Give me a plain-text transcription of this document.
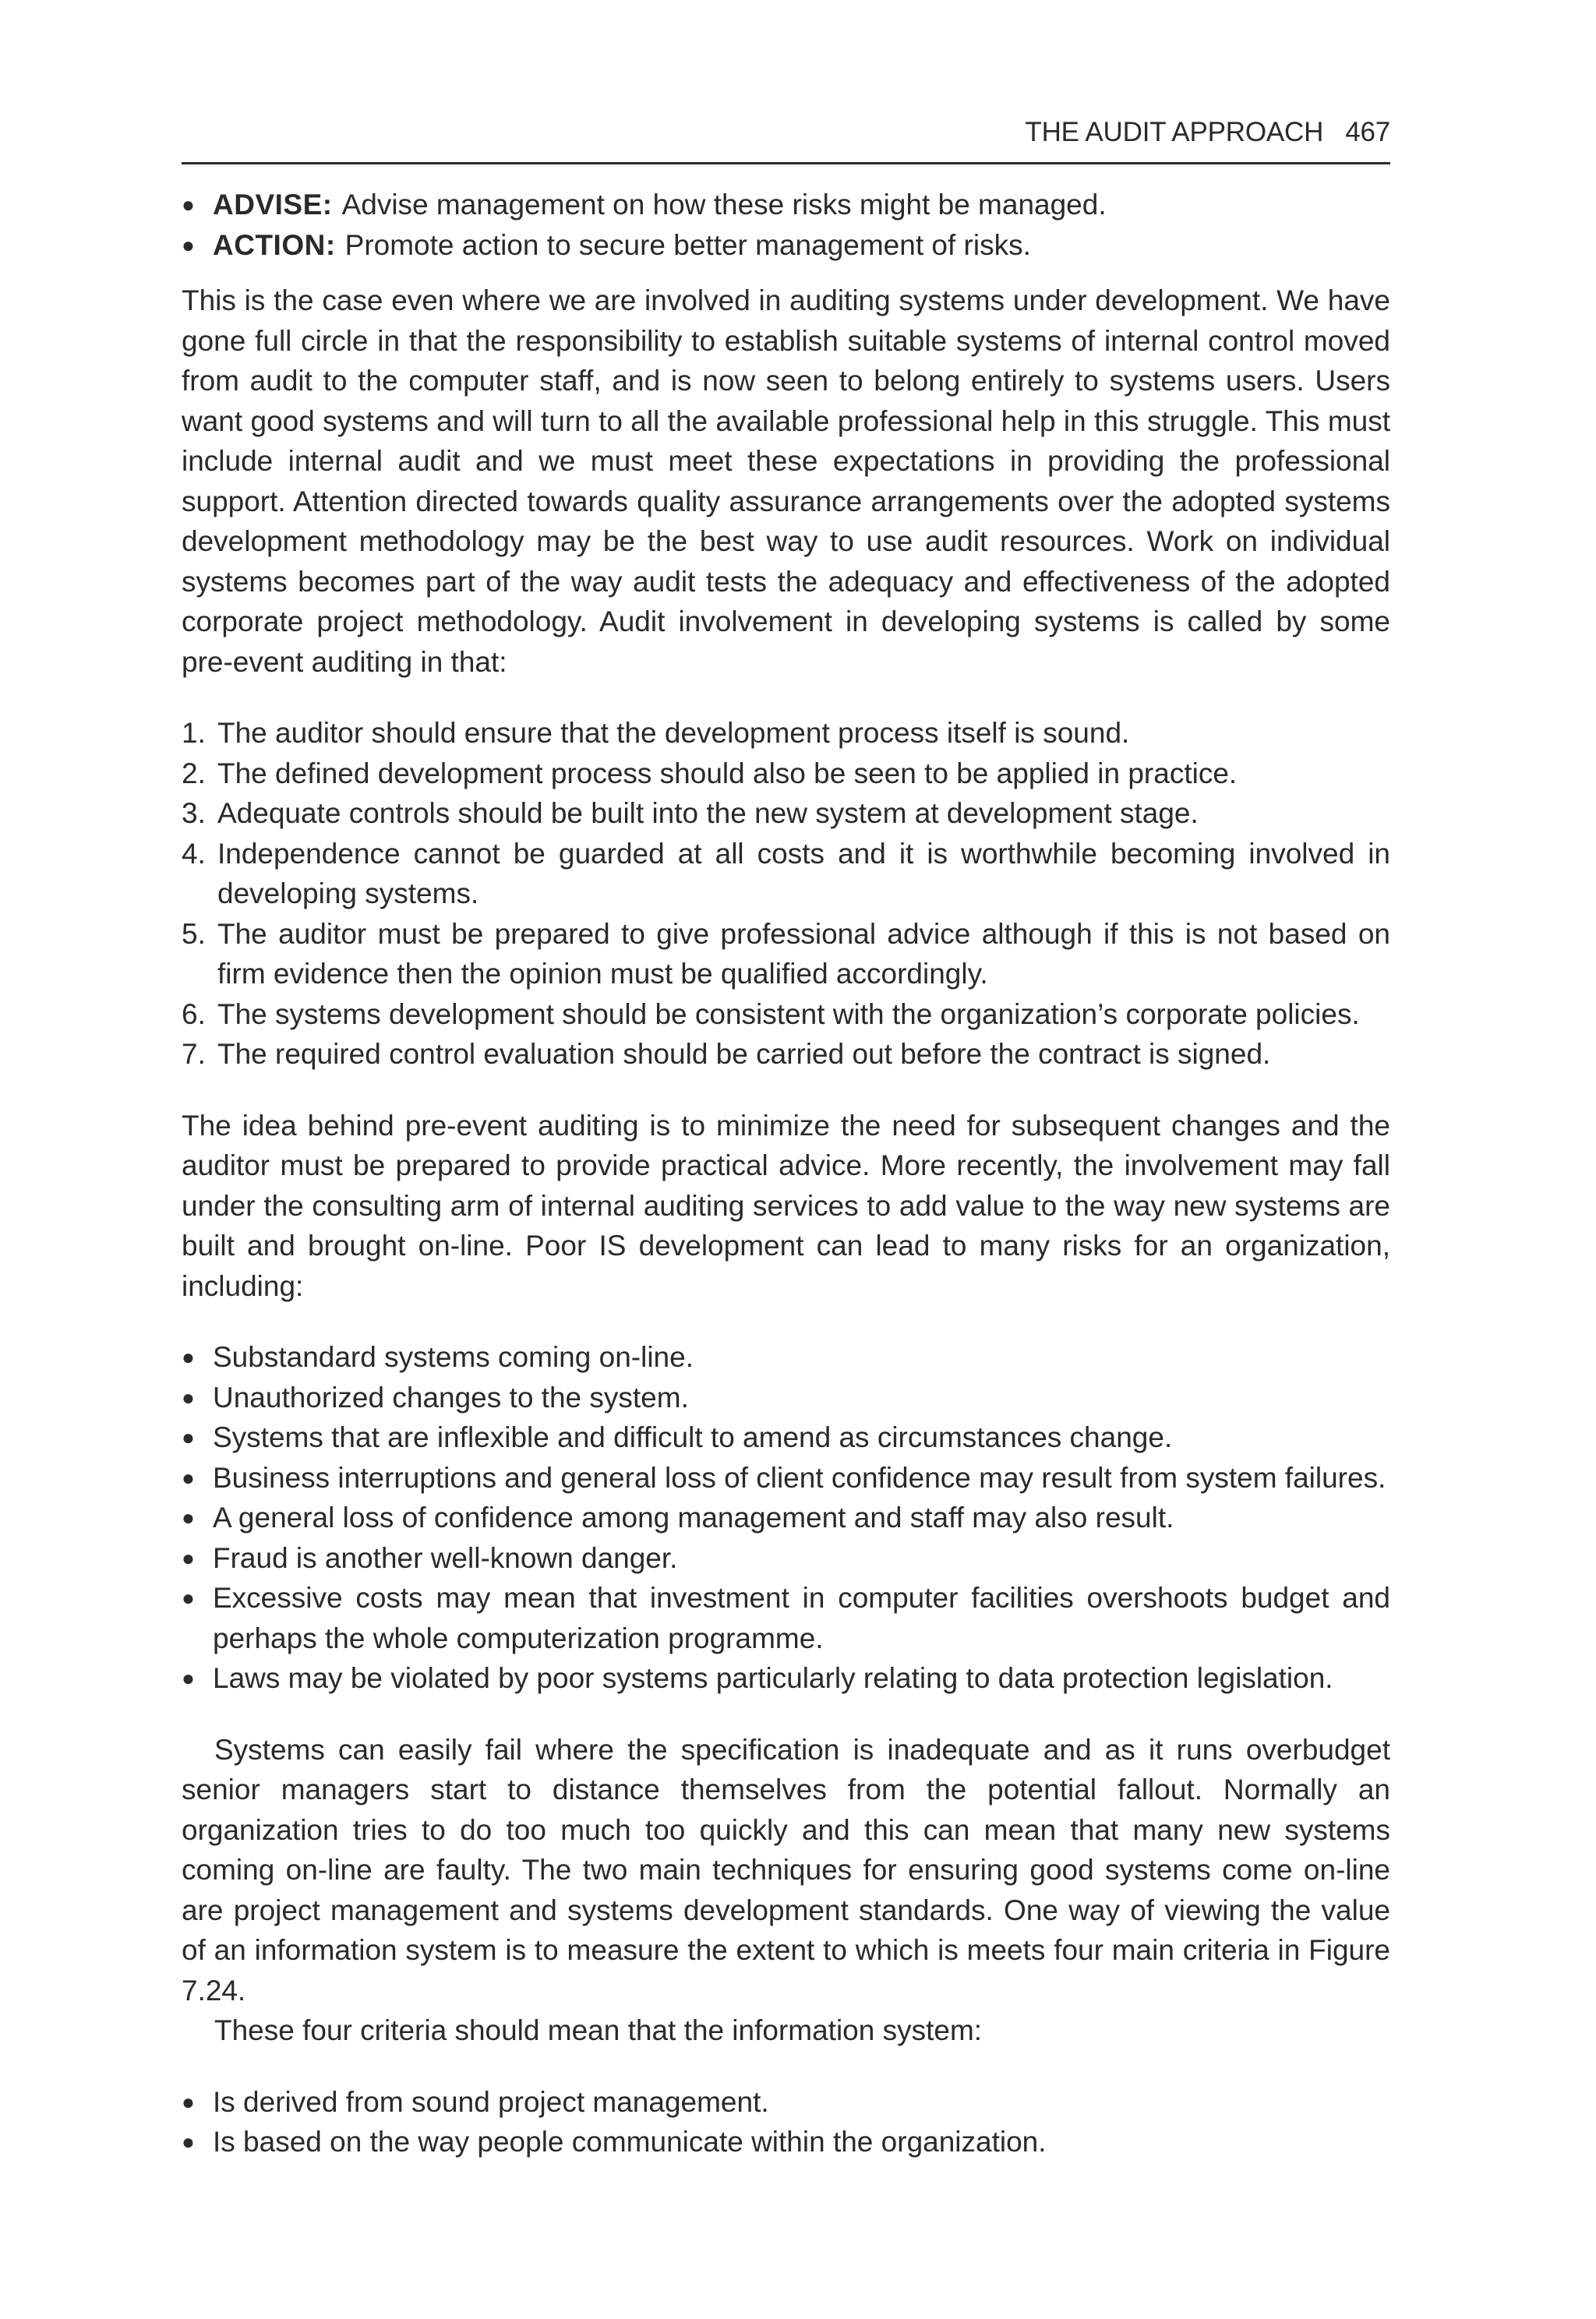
THE AUDIT APPROACH 467
● ADVISE: Advise management on how these risks might be managed.
● ACTION: Promote action to secure better management of risks.

This is the case even where we are involved in auditing systems under development. We have gone full circle in that the responsibility to establish suitable systems of internal control moved from audit to the computer staff, and is now seen to belong entirely to systems users. Users want good systems and will turn to all the available professional help in this struggle. This must include internal audit and we must meet these expectations in providing the professional support. Attention directed towards quality assurance arrangements over the adopted systems development methodology may be the best way to use audit resources. Work on individual systems becomes part of the way audit tests the adequacy and effectiveness of the adopted corporate project methodology. Audit involvement in developing systems is called by some pre-event auditing in that:

1. The auditor should ensure that the development process itself is sound.
2. The defined development process should also be seen to be applied in practice.
3. Adequate controls should be built into the new system at development stage.
4. Independence cannot be guarded at all costs and it is worthwhile becoming involved in developing systems.
5. The auditor must be prepared to give professional advice although if this is not based on firm evidence then the opinion must be qualified accordingly.
6. The systems development should be consistent with the organization’s corporate policies.
7. The required control evaluation should be carried out before the contract is signed.

The idea behind pre-event auditing is to minimize the need for subsequent changes and the auditor must be prepared to provide practical advice. More recently, the involvement may fall under the consulting arm of internal auditing services to add value to the way new systems are built and brought on-line. Poor IS development can lead to many risks for an organization, including:

● Substandard systems coming on-line.
● Unauthorized changes to the system.
● Systems that are inflexible and difficult to amend as circumstances change.
● Business interruptions and general loss of client confidence may result from system failures.
● A general loss of confidence among management and staff may also result.
● Fraud is another well-known danger.
● Excessive costs may mean that investment in computer facilities overshoots budget and perhaps the whole computerization programme.
● Laws may be violated by poor systems particularly relating to data protection legislation.

Systems can easily fail where the specification is inadequate and as it runs overbudget senior managers start to distance themselves from the potential fallout. Normally an organization tries to do too much too quickly and this can mean that many new systems coming on-line are faulty. The two main techniques for ensuring good systems come on-line are project management and systems development standards. One way of viewing the value of an information system is to measure the extent to which is meets four main criteria in Figure 7.24.

These four criteria should mean that the information system:

● Is derived from sound project management.
● Is based on the way people communicate within the organization.
